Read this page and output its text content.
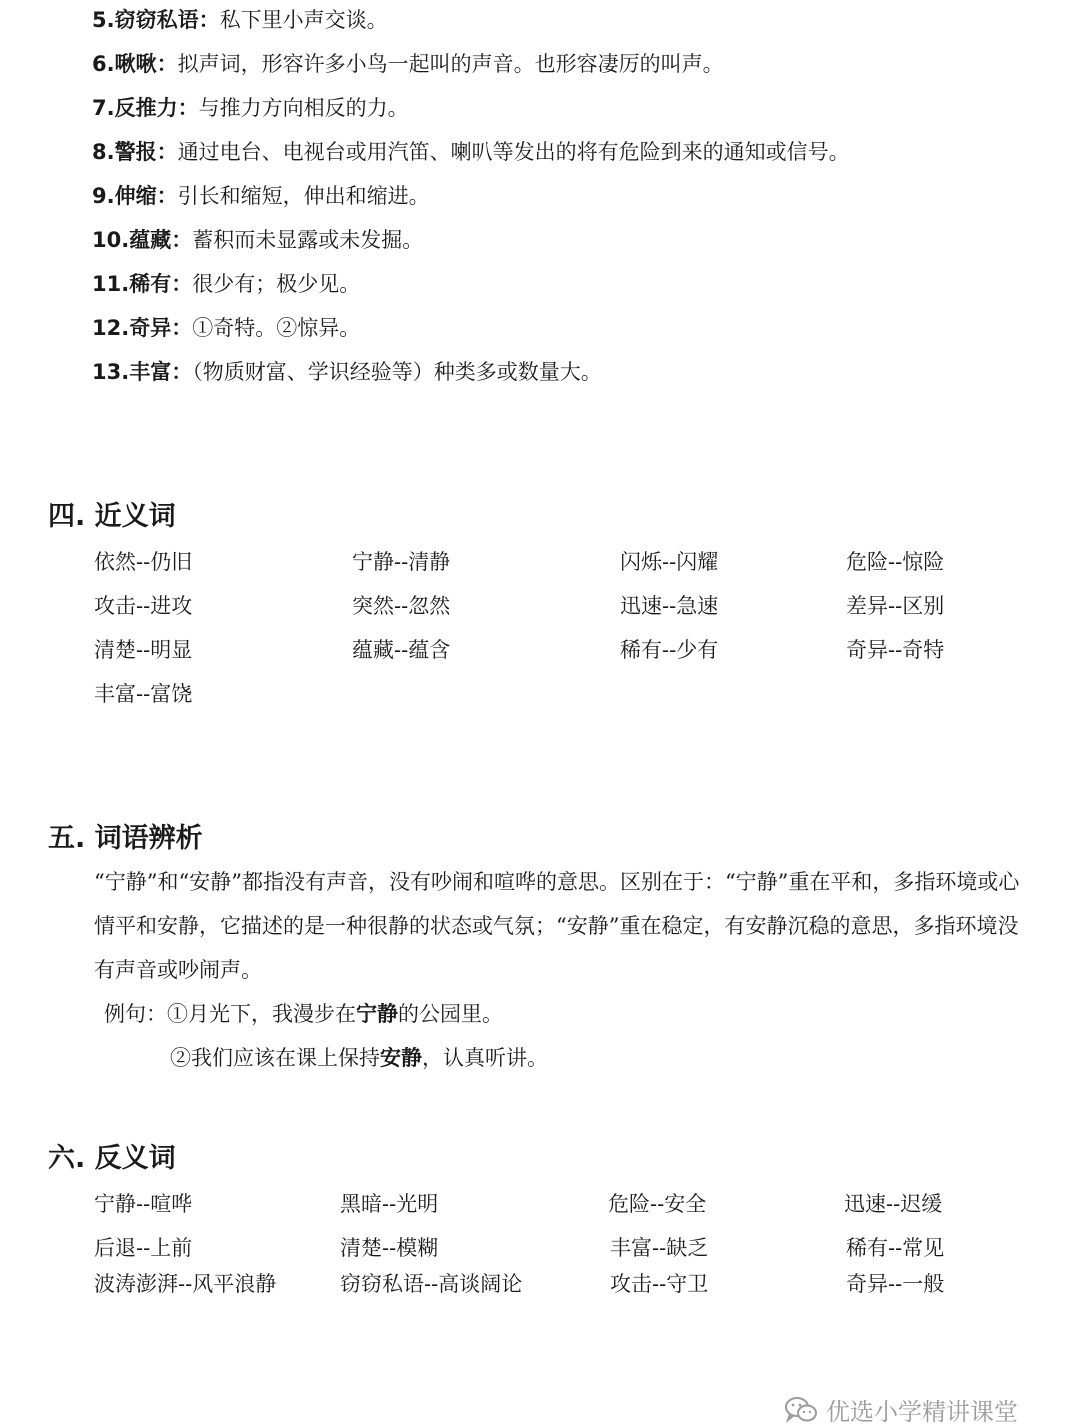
5.窃窃私语：私下里小声交谈。
6.啾啾：拟声词，形容许多小鸟一起叫的声音。也形容凄厉的叫声。
7.反推力：与推力方向相反的力。
8.警报：通过电台、电视台或用汽笛、喇叭等发出的将有危险到来的通知或信号。
9.伸缩：引长和缩短，伸出和缩进。
10.蕴藏：蓄积而未显露或未发掘。
11.稀有：很少有；极少见。
12.奇异：①奇特。②惊异。
13.丰富：（物质财富、学识经验等）种类多或数量大。
四. 近义词
依然--仍旧	宁静--清静	闪烁--闪耀	危险--惊险
攻击--进攻	突然--忽然	迅速--急速	差异--区别
清楚--明显	蕴藏--蕴含	稀有--少有	奇异--奇特
丰富--富饶
五. 词语辨析
“宁静”和“安静”都指没有声音，没有吵闹和喧哗的意思。区别在于：“宁静”重在平和，多指环境或心情平和安静，它描述的是一种很静的状态或气氛；“安静”重在稳定，有安静沉稳的意思，多指环境没有声音或吵闹声。
例句：①月光下，我漫步在宁静的公园里。
②我们应该在课上保持安静，认真听讲。
六. 反义词
宁静--喧哗	黑暗--光明	危险--安全	迅速--迟缓
后退--上前	清楚--模糊	丰富--缺乏	稀有--常见
波涛澎湃--风平浪静	窃窃私语--高谈阔论	攻击--守卫	奇异--一般
优选小学精讲课堂
